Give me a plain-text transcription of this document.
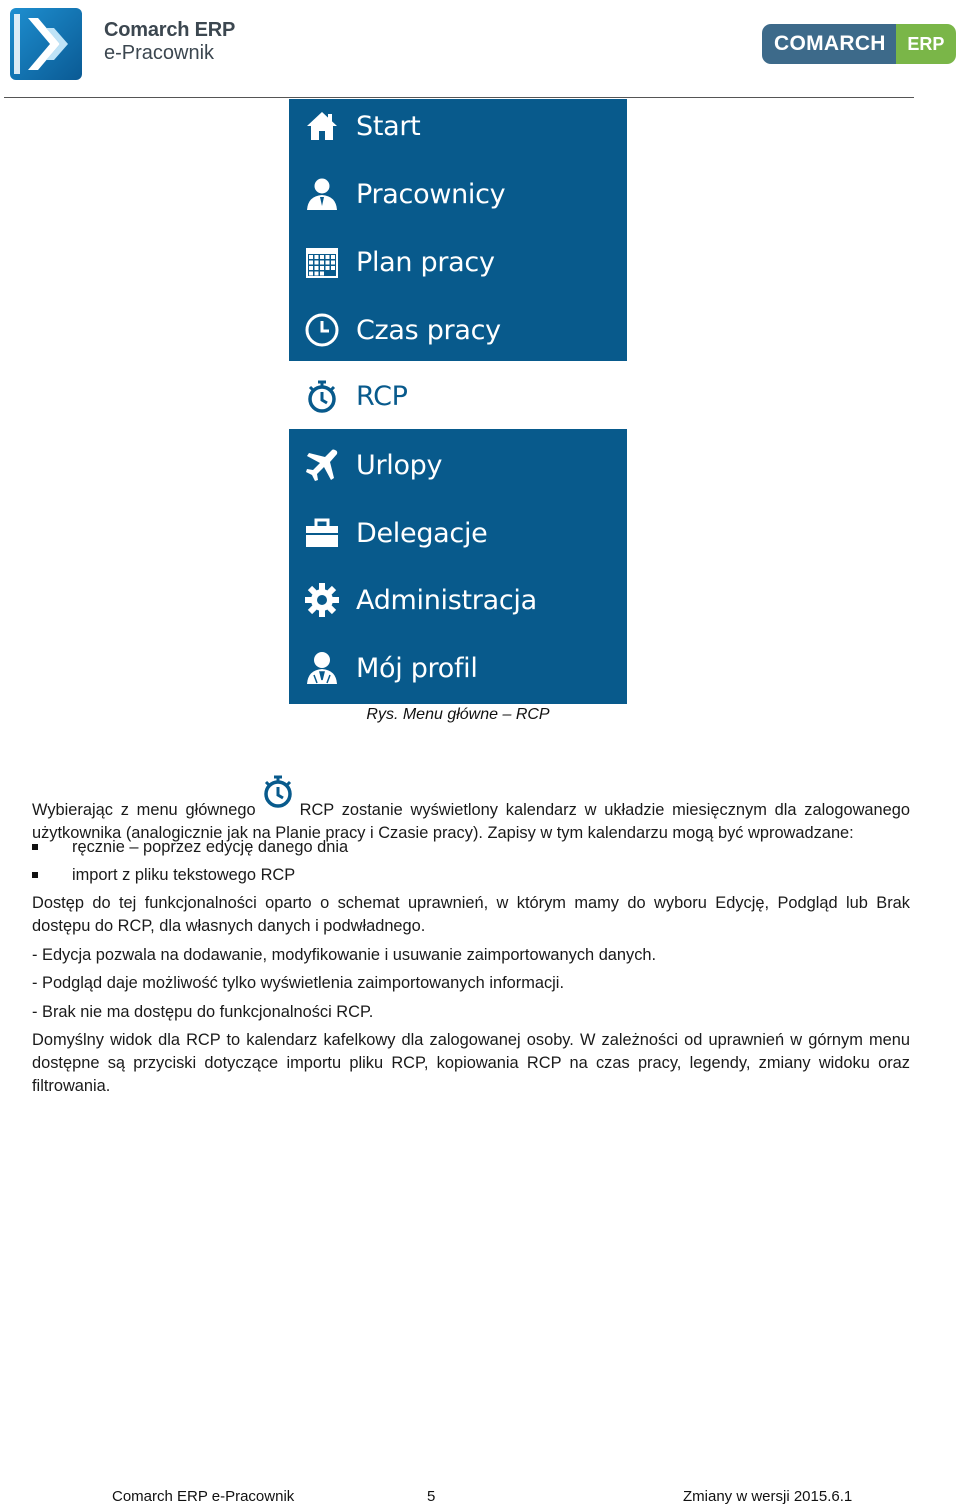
Comarch ERP
e-Pracownik	COMARCH	ERP
Start
Pracownicy
Plan pracy
Czas pracy
RCP
Urlopy
Delegacje
Administracja
Mój profil
Rys. Menu główne – RCP
Wybierając z menu głównego	RCP zostanie wyświetlony kalendarz w układzie miesięcznym dla zalogowanego użytkownika (analogicznie jak na Planie pracy i Czasie pracy). Zapisy w tym kalendarzu mogą być wprowadzane:
ręcznie – poprzez edycję danego dnia
import z pliku tekstowego RCP
Dostęp do tej funkcjonalności oparto o schemat uprawnień, w którym mamy do wyboru Edycję, Podgląd lub Brak dostępu do RCP, dla własnych danych i podwładnego.
- Edycja pozwala na dodawanie, modyfikowanie i usuwanie zaimportowanych danych.
- Podgląd daje możliwość tylko wyświetlenia zaimportowanych informacji.
- Brak nie ma dostępu do funkcjonalności RCP.
Domyślny widok dla RCP to kalendarz kafelkowy dla zalogowanej osoby. W zależności od uprawnień w górnym menu dostępne są przyciski dotyczące importu pliku RCP, kopiowania RCP na czas pracy, legendy, zmiany widoku oraz filtrowania.
Comarch ERP e-Pracownik	5	Zmiany w wersji 2015.6.1
